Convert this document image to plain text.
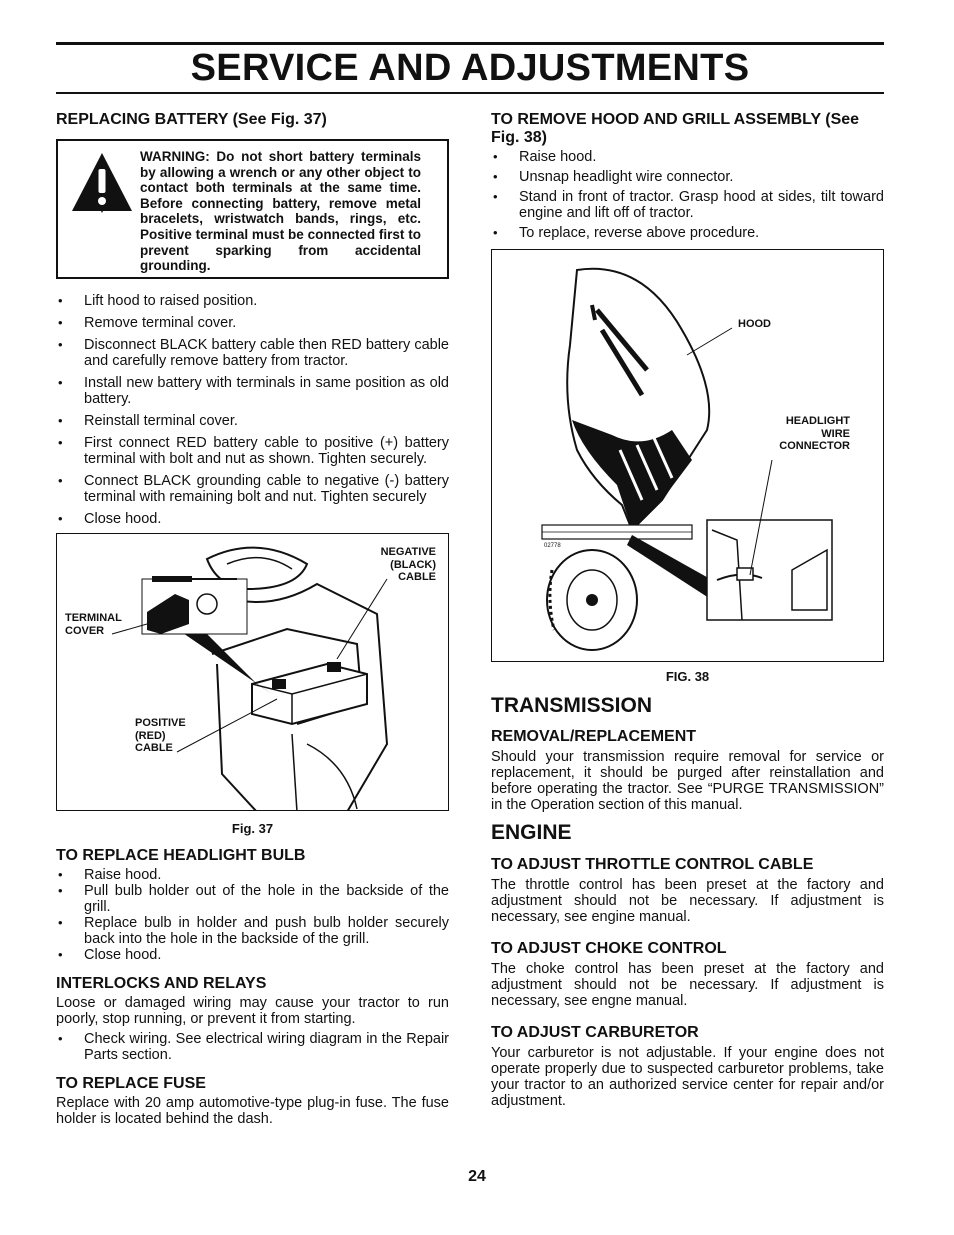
SERVICE AND ADJUSTMENTS
REPLACING BATTERY (See Fig. 37)
WARNING: Do not short battery terminals by allowing a wrench or any other object to contact both terminals at the same time. Before connecting battery, remove metal bracelets, wristwatch bands, rings, etc. Positive terminal must be connected first to prevent sparking from accidental grounding.
• Lift hood to raised position.
• Remove terminal cover.
• Disconnect BLACK battery cable then RED battery cable and carefully remove battery from tractor.
• Install new battery with terminals in same position as old battery.
• Reinstall terminal cover.
• First connect RED battery cable to positive (+) battery terminal with bolt and nut as shown. Tighten securely.
• Connect BLACK grounding cable to negative (-) battery terminal with remaining bolt and nut. Tighten securely
• Close hood.
TERMINAL COVER
NEGATIVE (BLACK) CABLE
POSITIVE (RED) CABLE
Fig. 37
TO REPLACE HEADLIGHT BULB
• Raise hood.
• Pull bulb holder out of the hole in the backside of the grill.
• Replace bulb in holder and push bulb holder securely back into the hole in the backside of the grill.
• Close hood.
INTERLOCKS AND RELAYS

Loose or damaged wiring may cause your tractor to run poorly, stop running, or prevent it from starting.

• Check wiring. See electrical wiring diagram in the Repair Parts section.
TO REPLACE FUSE

Replace with 20 amp automotive-type plug-in fuse. The fuse holder is located behind the dash.

TO REMOVE HOOD AND GRILL ASSEMBLY (See Fig. 38)
• Raise hood.
• Unsnap headlight wire connector.
• Stand in front of tractor. Grasp hood at sides, tilt toward engine and lift off of tractor.
• To replace, reverse above procedure.
HOOD
HEADLIGHT WIRE CONNECTOR
02778
FIG. 38
TRANSMISSION
REMOVAL/REPLACEMENT

Should your transmission require removal for service or replacement, it should be purged after reinstallation and before operating the tractor. See “PURGE TRANSMISSION” in the Operation section of this manual.

ENGINE
TO ADJUST THROTTLE CONTROL CABLE

The throttle control has been preset at the factory and adjustment should not be necessary. If adjustment is necessary, see engine manual.

TO ADJUST CHOKE CONTROL

The choke control has been preset at the factory and adjustment should not be necessary. If adjustment is necessary, see engne manual.

TO ADJUST CARBURETOR

Your carburetor is not adjustable. If your engine does not operate properly due to suspected carburetor problems, take your tractor to an authorized service center for repair and/or adjustment.

24
